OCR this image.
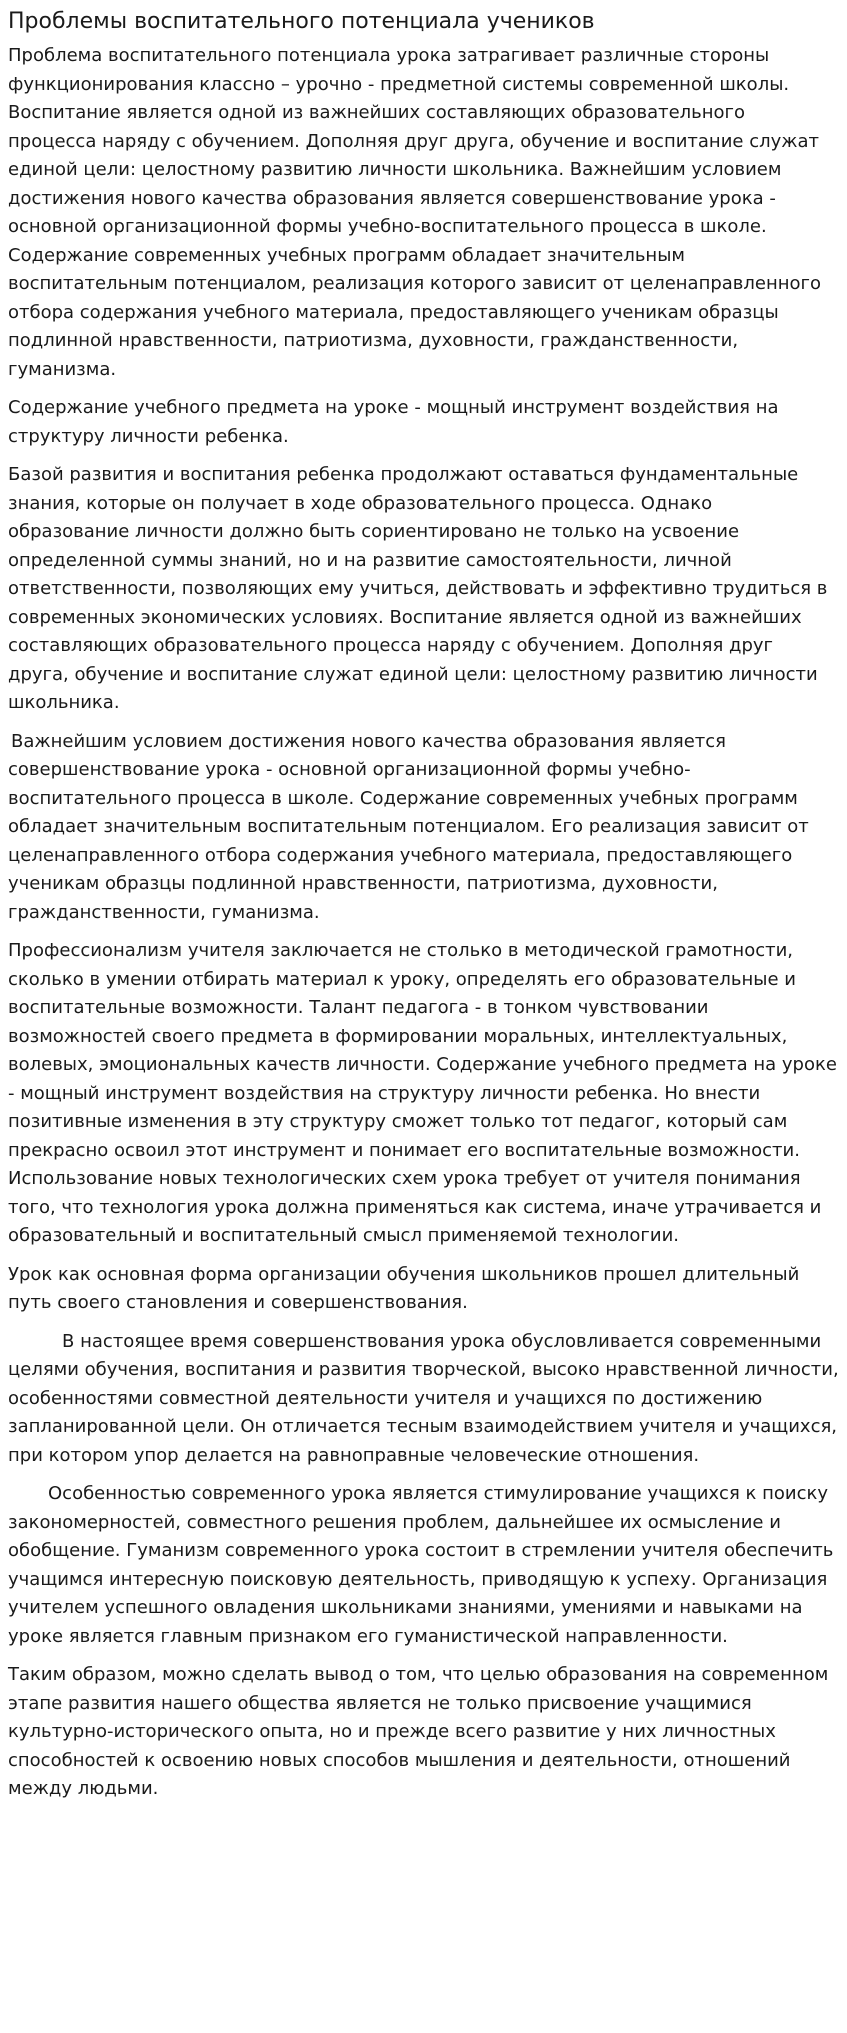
Проблемы воспитательного потенциала учеников

Проблема воспитательного потенциала урока затрагивает различные стороны функционирования классно – урочно - предметной системы современной школы. Воспитание является одной из важнейших составляющих образовательного процесса наряду с обучением. Дополняя друг друга, обучение и воспитание служат единой цели: целостному развитию личности школьника. Важнейшим условием достижения нового качества образования является совершенствование урока - основной организационной формы учебно-воспитательного процесса в школе. Содержание современных учебных программ обладает значительным воспитательным потенциалом, реализация которого зависит от целенаправленного отбора содержания учебного материала, предоставляющего ученикам образцы подлинной нравственности, патриотизма, духовности, гражданственности, гуманизма.

Содержание учебного предмета на уроке - мощный инструмент воздействия на структуру личности ребенка.

Базой развития и воспитания ребенка продолжают оставаться фундаментальные знания, которые он получает в ходе образовательного процесса. Однако образование личности должно быть сориентировано не только на усвоение определенной суммы знаний, но и на развитие самостоятельности, личной ответственности, позволяющих ему учиться, действовать и эффективно трудиться в современных экономических условиях. Воспитание является одной из важнейших составляющих образовательного процесса наряду с обучением. Дополняя друг друга, обучение и воспитание служат единой цели: целостному развитию личности школьника.

Важнейшим условием достижения нового качества образования является совершенствование урока - основной организационной формы учебно-воспитательного процесса в школе. Содержание современных учебных программ обладает значительным воспитательным потенциалом. Его реализация зависит от целенаправленного отбора содержания учебного материала, предоставляющего ученикам образцы подлинной нравственности, патриотизма, духовности, гражданственности, гуманизма.

Профессионализм учителя заключается не столько в методической грамотности, сколько в умении отбирать материал к уроку, определять его образовательные и воспитательные возможности. Талант педагога - в тонком чувствовании возможностей своего предмета в формировании моральных, интеллектуальных, волевых, эмоциональных качеств личности. Содержание учебного предмета на уроке - мощный инструмент воздействия на структуру личности ребенка. Но внести позитивные изменения в эту структуру сможет только тот педагог, который сам прекрасно освоил этот инструмент и понимает его воспитательные возможности.

Использование новых технологических схем урока требует от учителя понимания того, что технология урока должна применяться как система, иначе утрачивается и образовательный и воспитательный смысл применяемой технологии.

Урок как основная форма организации обучения школьников прошел длительный путь своего становления и совершенствования.

В настоящее время совершенствования урока обусловливается современными целями обучения, воспитания и развития творческой, высоко нравственной личности, особенностями совместной деятельности учителя и учащихся по достижению запланированной цели. Он отличается тесным взаимодействием учителя и учащихся, при котором упор делается на равноправные человеческие отношения.

Особенностью современного урока является стимулирование учащихся к поиску закономерностей, совместного решения проблем, дальнейшее их осмысление и обобщение. Гуманизм современного урока состоит в стремлении учителя обеспечить учащимся интересную поисковую деятельность, приводящую к успеху. Организация учителем успешного овладения школьниками знаниями, умениями и навыками на уроке является главным признаком его гуманистической направленности.

Таким образом, можно сделать вывод о том, что целью образования на современном этапе развития нашего общества является не только присвоение учащимися культурно-исторического опыта, но и прежде всего развитие у них личностных способностей к освоению новых способов мышления и деятельности, отношений между людьми.
